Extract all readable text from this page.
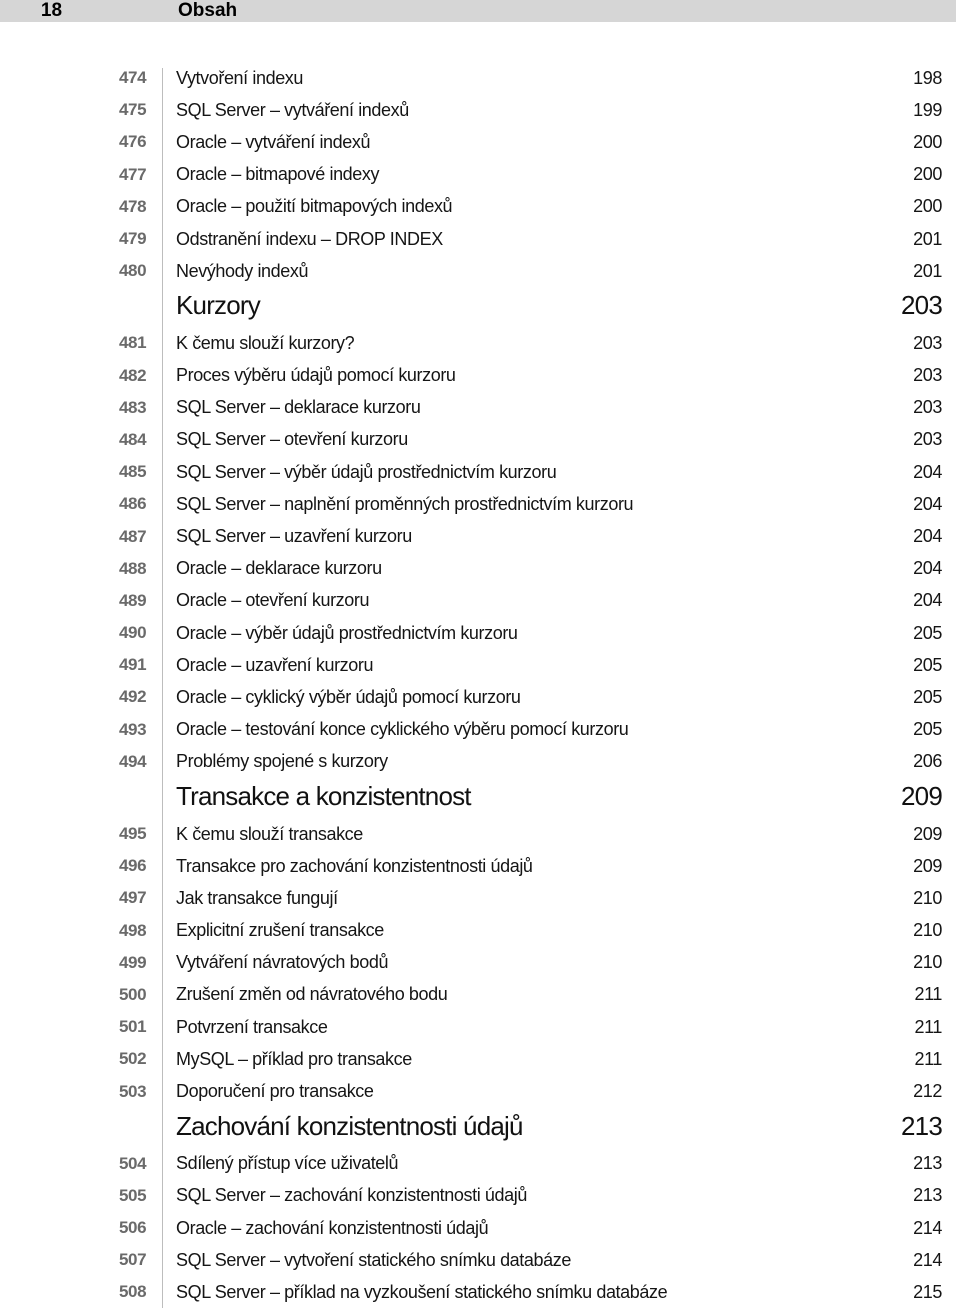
18	Obsah
474	Vytvoření indexu	198
475	SQL Server – vytváření indexů	199
476	Oracle – vytváření indexů	200
477	Oracle – bitmapové indexy	200
478	Oracle – použití bitmapových indexů	200
479	Odstranění indexu – DROP INDEX	201
480	Nevýhody indexů	201
Kurzory	203
481	K čemu slouží kurzory?	203
482	Proces výběru údajů pomocí kurzoru	203
483	SQL Server – deklarace kurzoru	203
484	SQL Server – otevření kurzoru	203
485	SQL Server – výběr údajů prostřednictvím kurzoru	204
486	SQL Server – naplnění proměnných prostřednictvím kurzoru	204
487	SQL Server – uzavření kurzoru	204
488	Oracle – deklarace kurzoru	204
489	Oracle – otevření kurzoru	204
490	Oracle – výběr údajů prostřednictvím kurzoru	205
491	Oracle – uzavření kurzoru	205
492	Oracle – cyklický výběr údajů pomocí kurzoru	205
493	Oracle – testování konce cyklického výběru pomocí kurzoru	205
494	Problémy spojené s kurzory	206
Transakce a konzistentnost	209
495	K čemu slouží transakce	209
496	Transakce pro zachování konzistentnosti údajů	209
497	Jak transakce fungují	210
498	Explicitní zrušení transakce	210
499	Vytváření návratových bodů	210
500	Zrušení změn od návratového bodu	211
501	Potvrzení transakce	211
502	MySQL – příklad pro transakce	211
503	Doporučení pro transakce	212
Zachování konzistentnosti údajů	213
504	Sdílený přístup více uživatelů	213
505	SQL Server – zachování konzistentnosti údajů	213
506	Oracle – zachování konzistentnosti údajů	214
507	SQL Server – vytvoření statického snímku databáze	214
508	SQL Server – příklad na vyzkoušení statického snímku databáze	215
